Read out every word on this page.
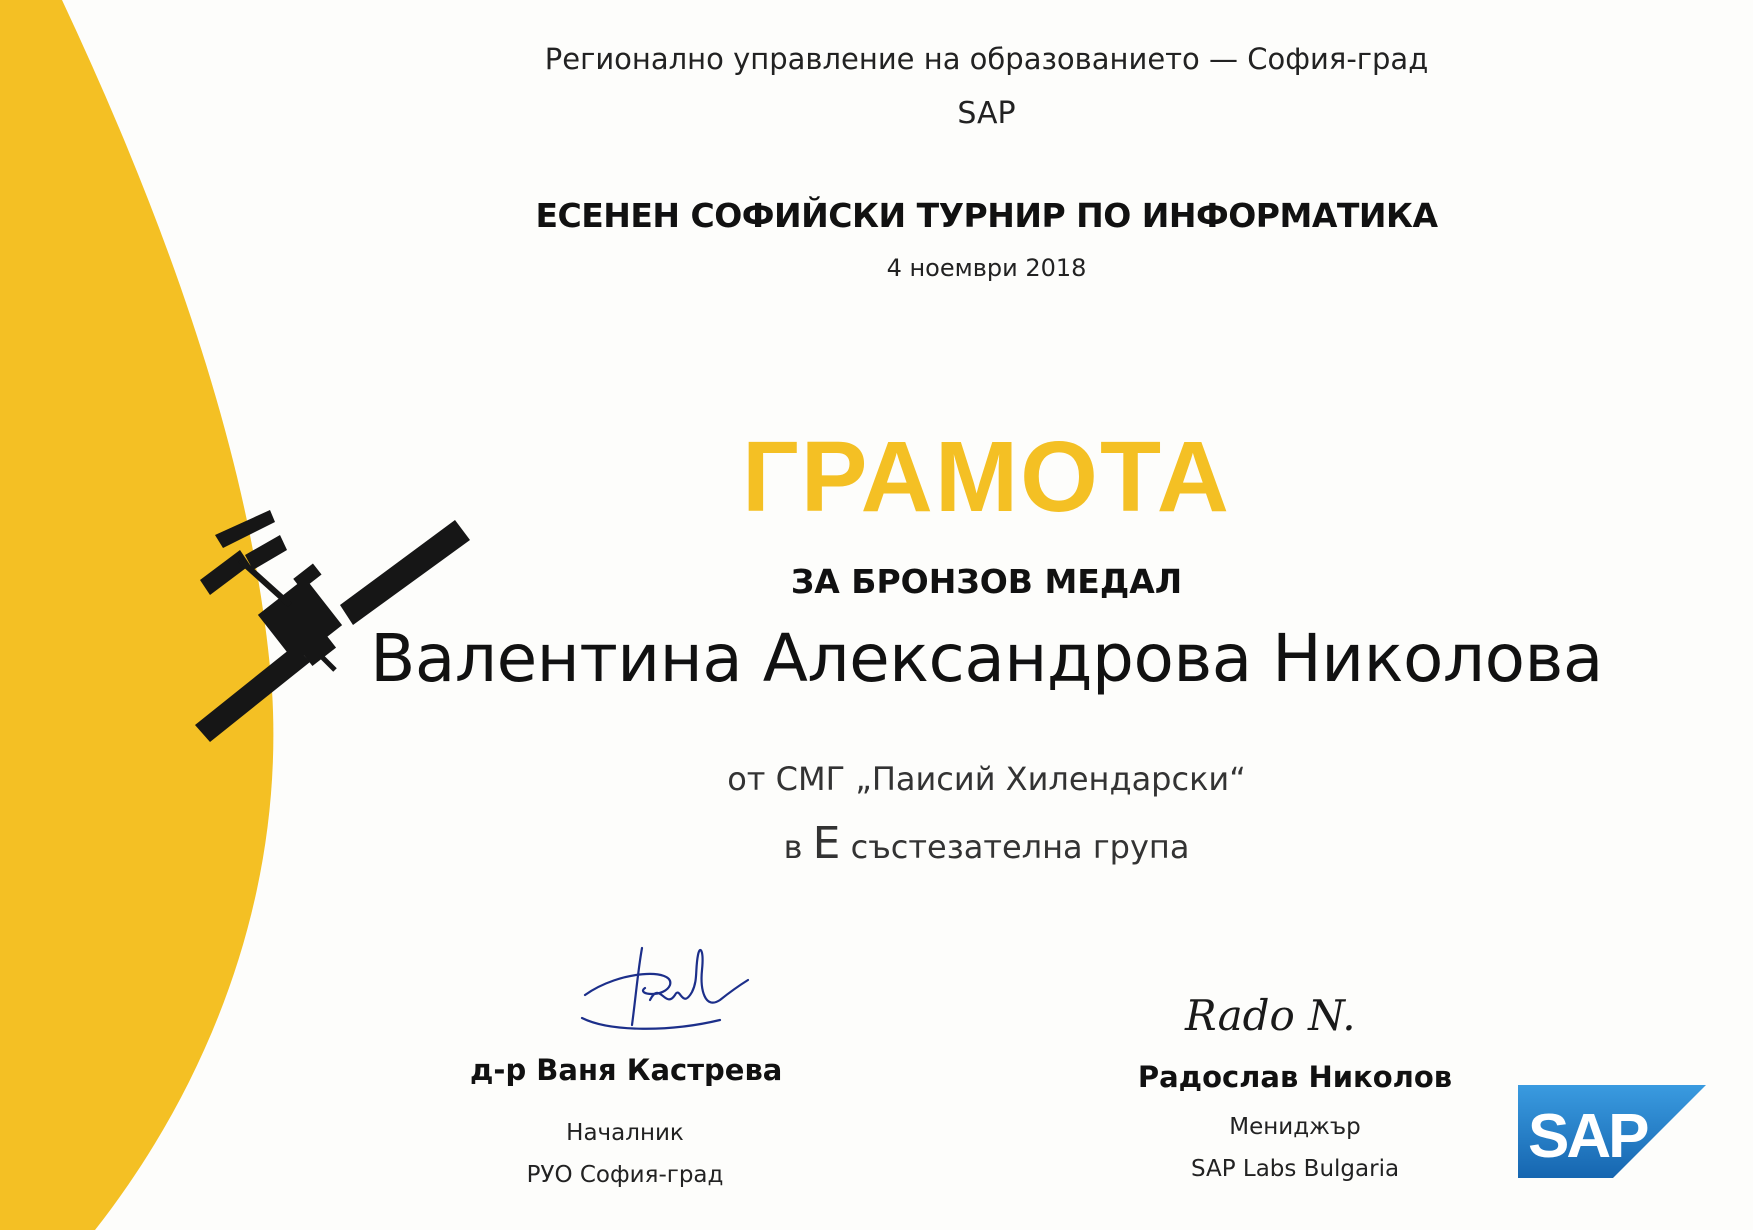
Регионално управление на образованието — София-град
SAP
ЕСЕНЕН СОФИЙСКИ ТУРНИР ПО ИНФОРМАТИКА
4 ноември 2018
ГРАМОТА
ЗА БРОНЗОВ МЕДАЛ
Валентина Александрова Николова
от СМГ „Паисий Хилендарски“
в Е състезателна група
Rado N.
д-р Ваня Кастрева
Началник
РУО София-град
Радослав Николов
Мениджър
SAP Labs Bulgaria	SAP
